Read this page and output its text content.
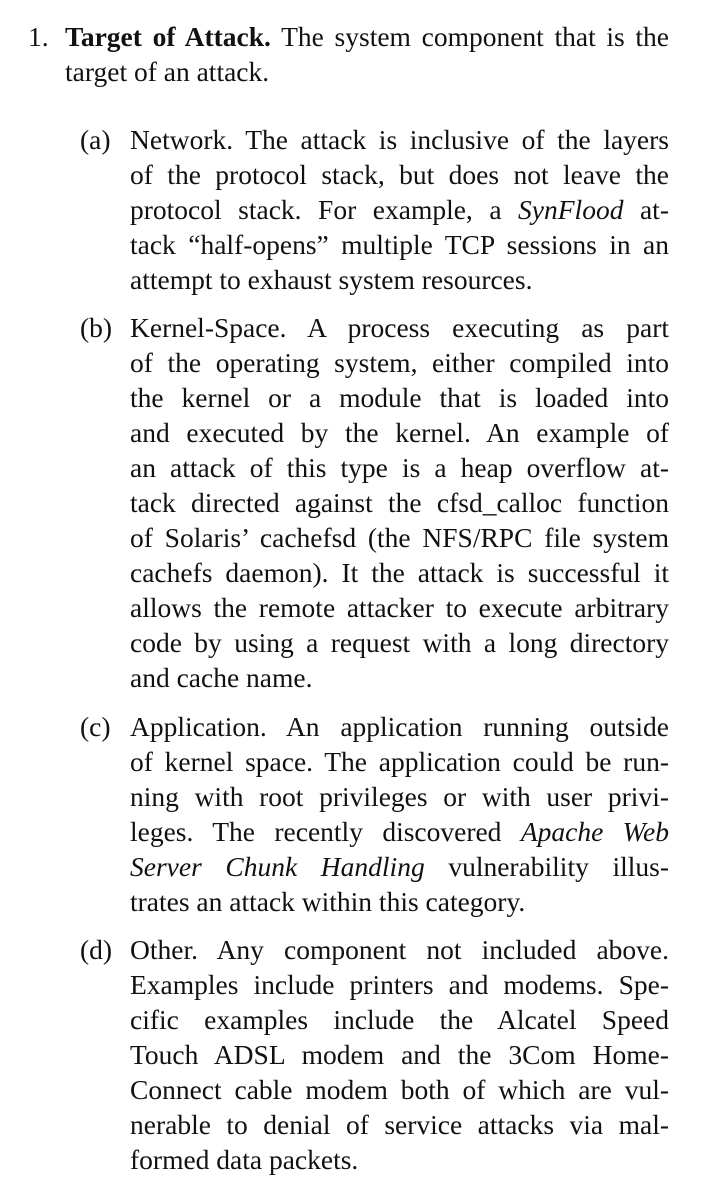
1. Target of Attack. The system component that is the
target of an attack.
(a) Network. The attack is inclusive of the layers
of the protocol stack, but does not leave the
protocol stack. For example, a SynFlood at-
tack “half-opens” multiple TCP sessions in an
attempt to exhaust system resources.
(b) Kernel-Space. A process executing as part
of the operating system, either compiled into
the kernel or a module that is loaded into
and executed by the kernel. An example of
an attack of this type is a heap overflow at-
tack directed against the cfsd_calloc function
of Solaris’ cachefsd (the NFS/RPC file system
cachefs daemon). It the attack is successful it
allows the remote attacker to execute arbitrary
code by using a request with a long directory
and cache name.
(c) Application. An application running outside
of kernel space. The application could be run-
ning with root privileges or with user privi-
leges. The recently discovered Apache Web
Server Chunk Handling vulnerability illus-
trates an attack within this category.
(d) Other. Any component not included above.
Examples include printers and modems. Spe-
cific examples include the Alcatel Speed
Touch ADSL modem and the 3Com Home-
Connect cable modem both of which are vul-
nerable to denial of service attacks via mal-
formed data packets.
